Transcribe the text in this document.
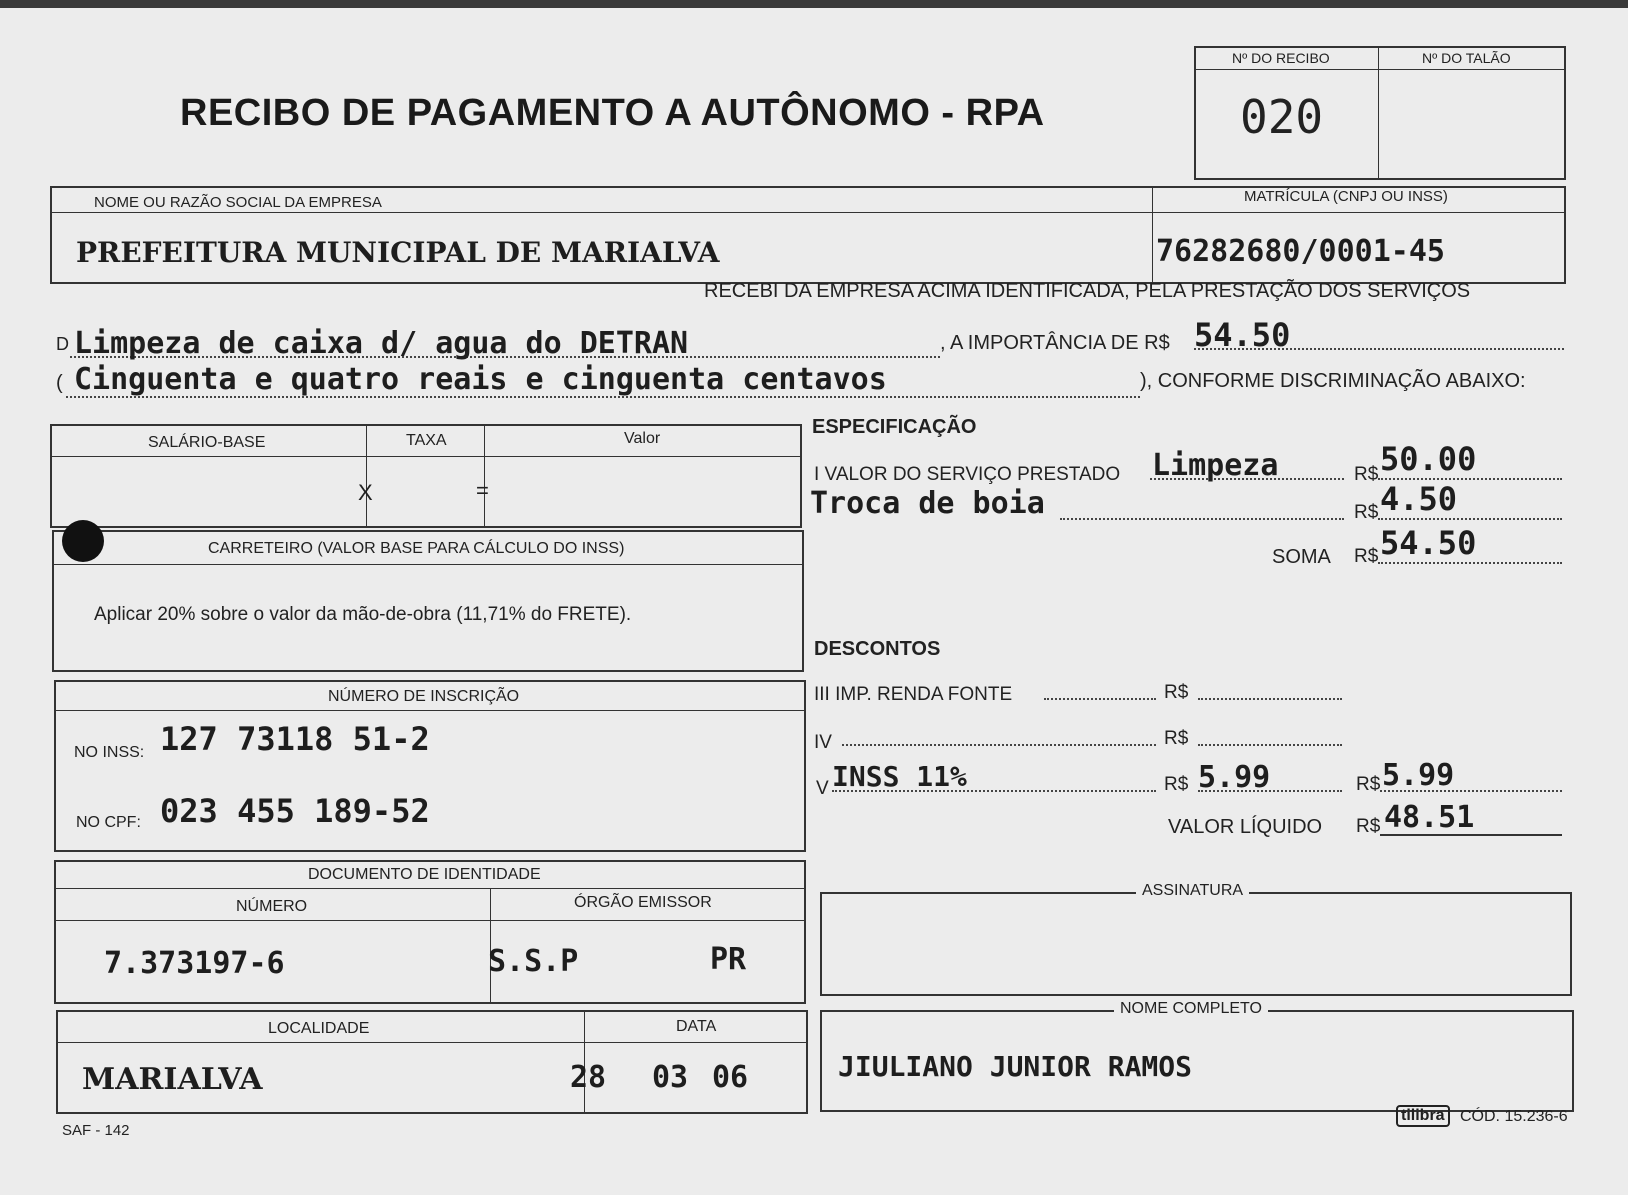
RECIBO DE PAGAMENTO A AUTÔNOMO - RPA
Nº DO RECIBO	Nº DO TALÃO
020
NOME OU RAZÃO SOCIAL DA EMPRESA	MATRÍCULA (CNPJ OU INSS)
PREFEITURA MUNICIPAL DE MARIALVA	76282680/0001-45
RECEBI DA EMPRESA ACIMA IDENTIFICADA, PELA PRESTAÇÃO DOS SERVIÇOS
D Limpeza de caixa d/ agua do DETRAN	, A IMPORTÂNCIA DE R$ 54.50
( Cinguenta e quatro reais e cinguenta centavos	), CONFORME DISCRIMINAÇÃO ABAIXO:
SALÁRIO-BASE	TAXA	Valor
X	=
CARRETEIRO (VALOR BASE PARA CÁLCULO DO INSS)
Aplicar 20% sobre o valor da mão-de-obra (11,71% do FRETE).
NÚMERO DE INSCRIÇÃO
NO INSS: 127 73118 51-2
NO CPF: 023 455 189-52
DOCUMENTO DE IDENTIDADE
NÚMERO	ÓRGÃO EMISSOR
7.373197-6	S.S.P	PR
LOCALIDADE	DATA
MARIALVA	28 03 06
ESPECIFICAÇÃO
I VALOR DO SERVIÇO PRESTADO Limpeza	R$ 50.00
Troca de boia	R$ 4.50
SOMA R$ 54.50
DESCONTOS
III IMP. RENDA FONTE	R$
IV	R$
V INSS 11%	R$ 5.99	R$ 5.99
VALOR LÍQUIDO R$ 48.51
ASSINATURA
NOME COMPLETO
JIULIANO JUNIOR RAMOS
SAF - 142
tilibra CÓD. 15.236-6
